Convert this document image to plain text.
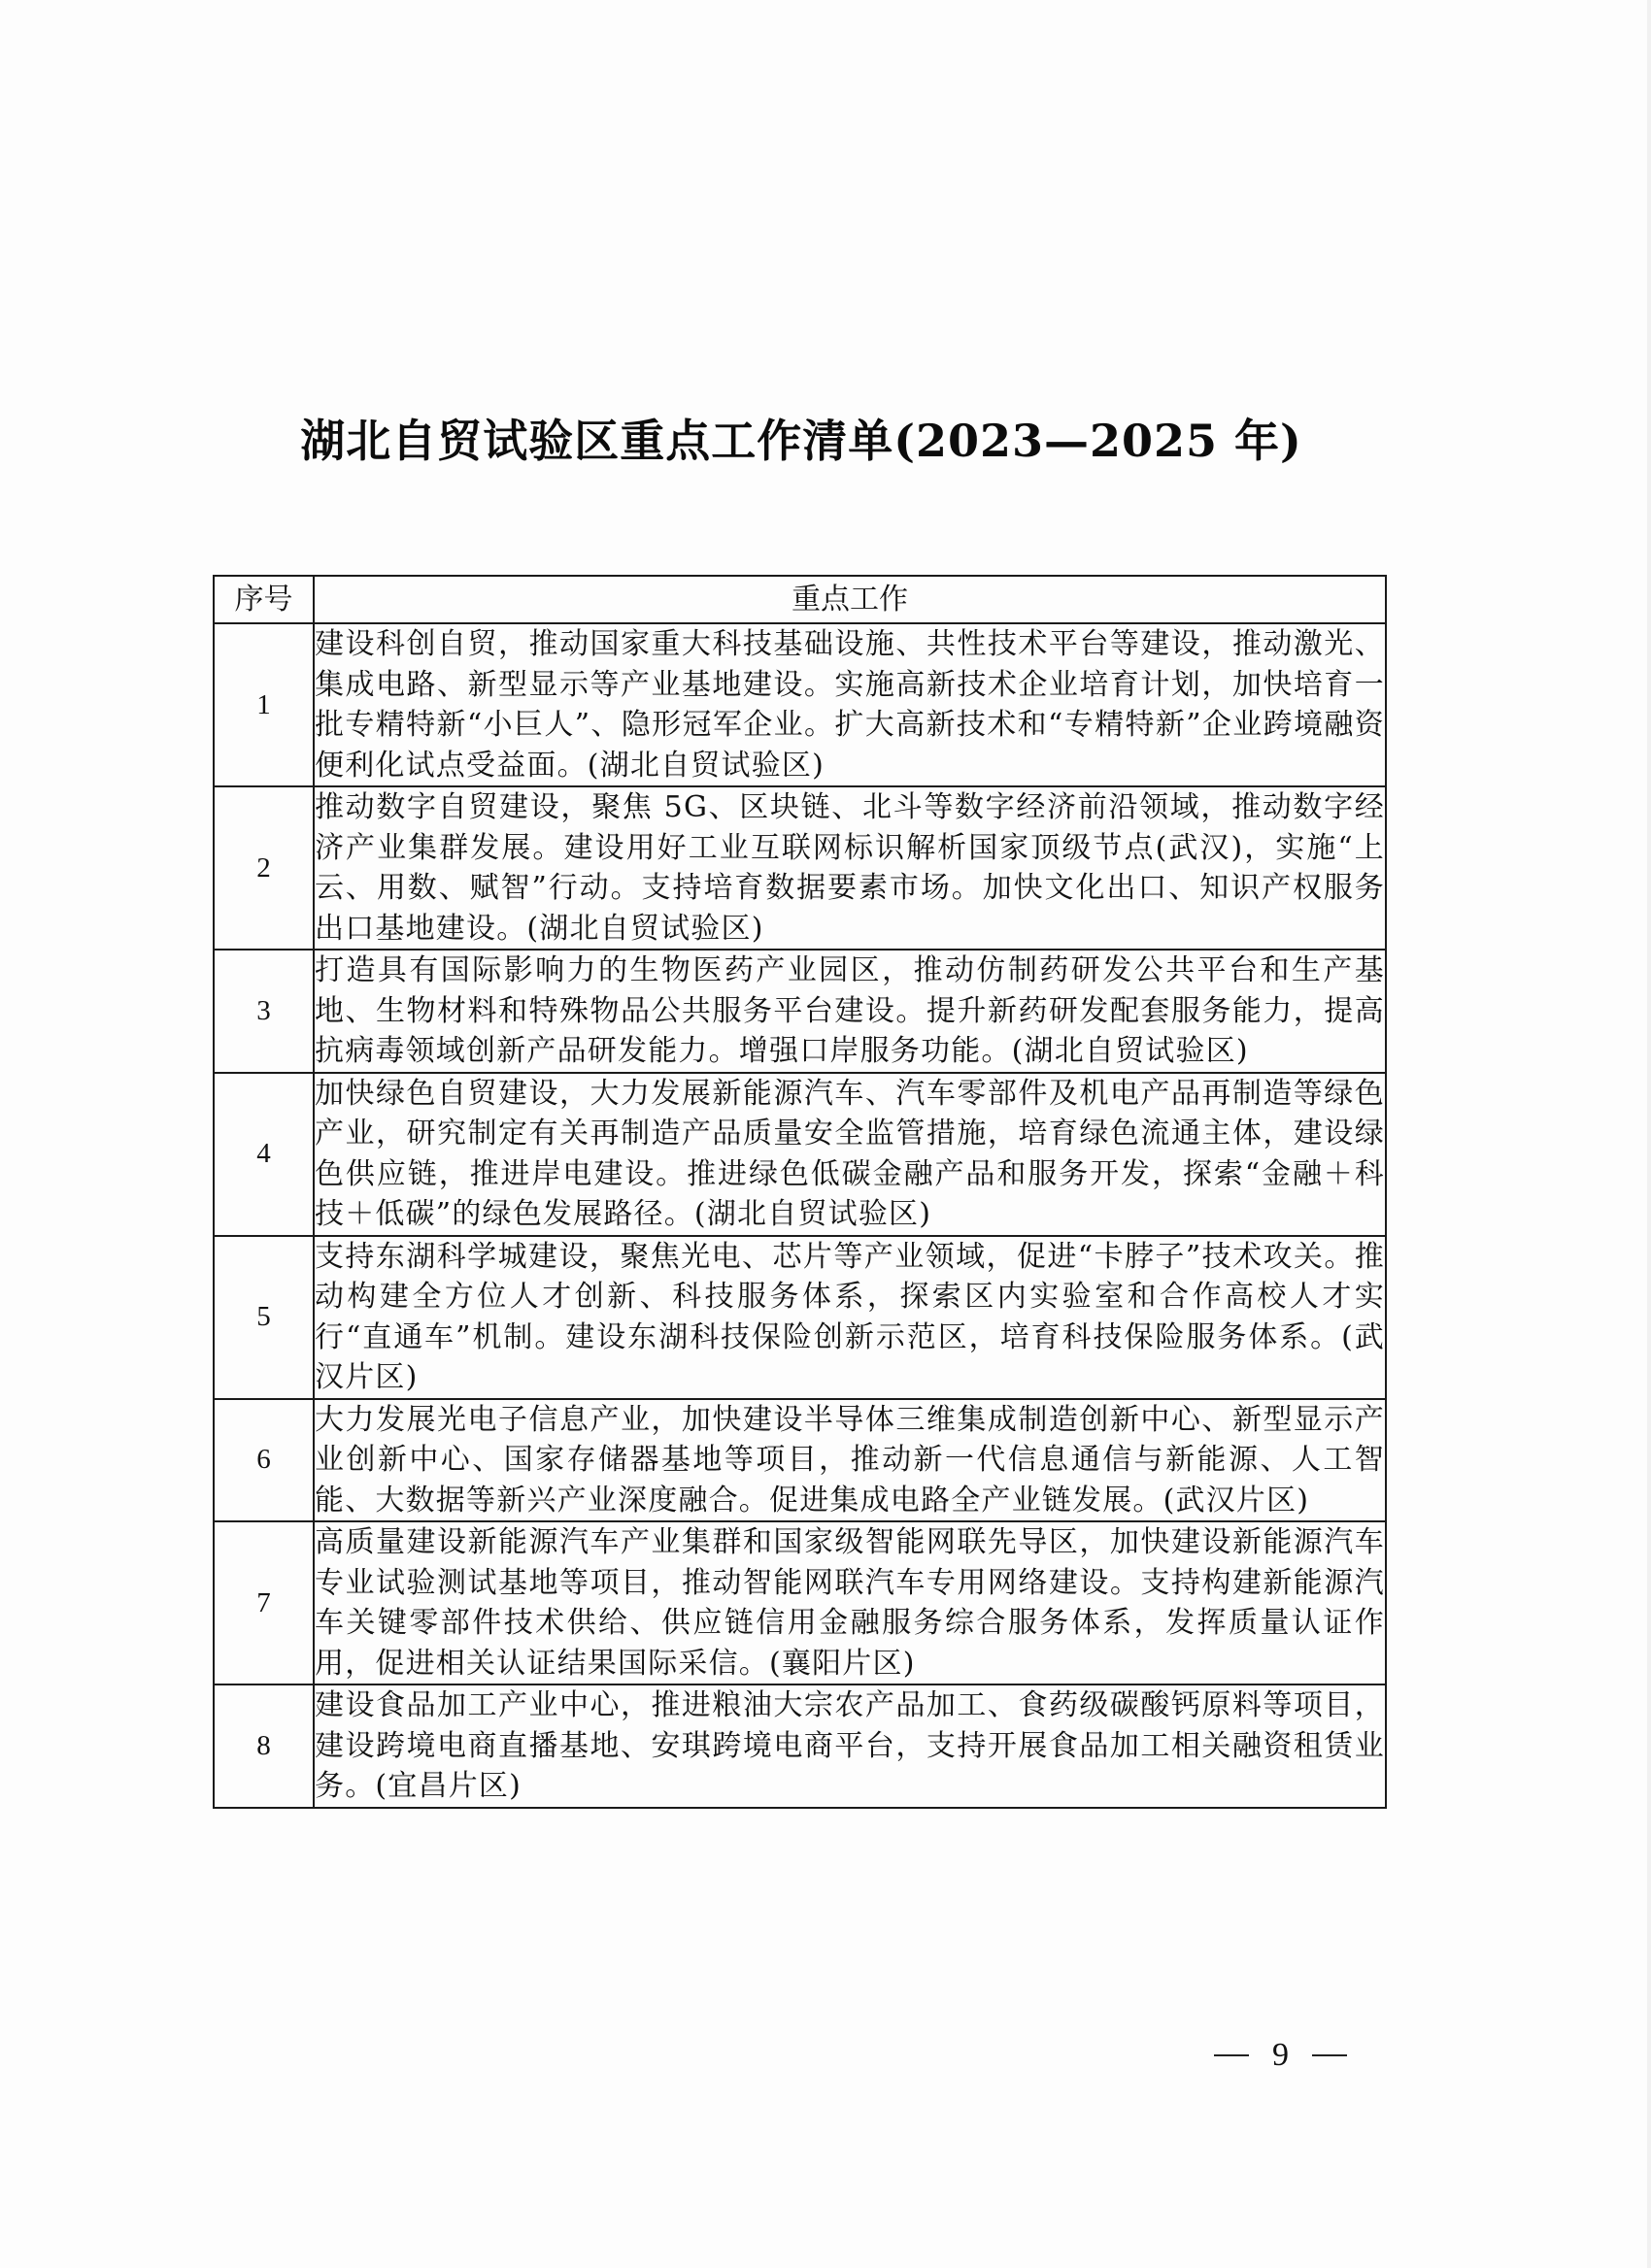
湖北自贸试验区重点工作清单(2023—2025 年)
序号	重点工作
1	建设科创自贸，推动国家重大科技基础设施、共性技术平台等建设，推动激光、集成电路、新型显示等产业基地建设。实施高新技术企业培育计划，加快培育一批专精特新“小巨人”、隐形冠军企业。扩大高新技术和“专精特新”企业跨境融资便利化试点受益面。(湖北自贸试验区)
2	推动数字自贸建设，聚焦 5G、区块链、北斗等数字经济前沿领域，推动数字经济产业集群发展。建设用好工业互联网标识解析国家顶级节点(武汉)，实施“上云、用数、赋智”行动。支持培育数据要素市场。加快文化出口、知识产权服务出口基地建设。(湖北自贸试验区)
3	打造具有国际影响力的生物医药产业园区，推动仿制药研发公共平台和生产基地、生物材料和特殊物品公共服务平台建设。提升新药研发配套服务能力，提高抗病毒领域创新产品研发能力。增强口岸服务功能。(湖北自贸试验区)
4	加快绿色自贸建设，大力发展新能源汽车、汽车零部件及机电产品再制造等绿色产业，研究制定有关再制造产品质量安全监管措施，培育绿色流通主体，建设绿色供应链，推进岸电建设。推进绿色低碳金融产品和服务开发，探索“金融＋科技＋低碳”的绿色发展路径。(湖北自贸试验区)
5	支持东湖科学城建设，聚焦光电、芯片等产业领域，促进“卡脖子”技术攻关。推动构建全方位人才创新、科技服务体系，探索区内实验室和合作高校人才实行“直通车”机制。建设东湖科技保险创新示范区，培育科技保险服务体系。(武汉片区)
6	大力发展光电子信息产业，加快建设半导体三维集成制造创新中心、新型显示产业创新中心、国家存储器基地等项目，推动新一代信息通信与新能源、人工智能、大数据等新兴产业深度融合。促进集成电路全产业链发展。(武汉片区)
7	高质量建设新能源汽车产业集群和国家级智能网联先导区，加快建设新能源汽车专业试验测试基地等项目，推动智能网联汽车专用网络建设。支持构建新能源汽车关键零部件技术供给、供应链信用金融服务综合服务体系，发挥质量认证作用，促进相关认证结果国际采信。(襄阳片区)
8	建设食品加工产业中心，推进粮油大宗农产品加工、食药级碳酸钙原料等项目，建设跨境电商直播基地、安琪跨境电商平台，支持开展食品加工相关融资租赁业务。(宜昌片区)
9
